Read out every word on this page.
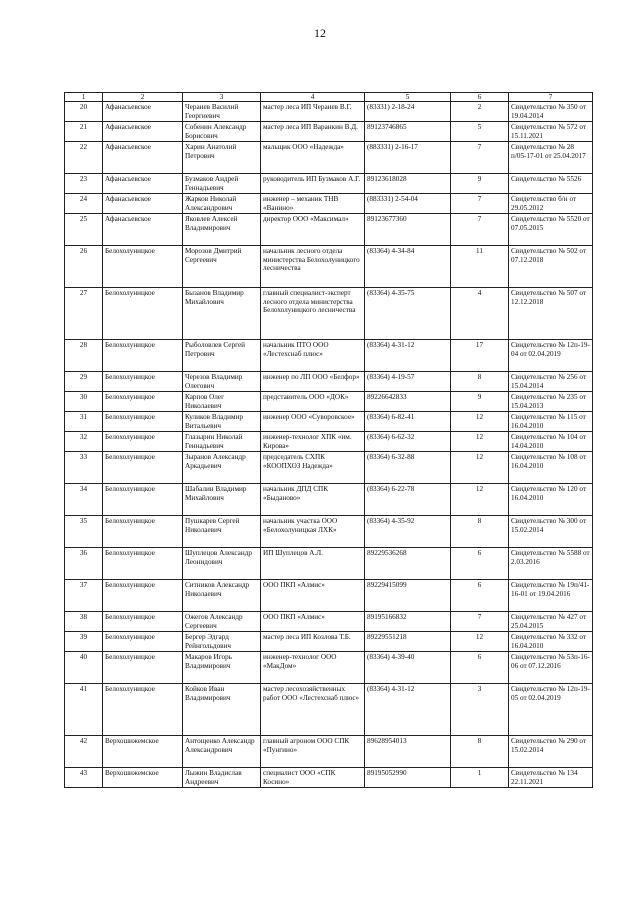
12
1	2	3	4	5	6	7
20	Афанасьевское	Черанев Василий Георгиевич	мастер леса ИП Черанев В.Г.	(83331) 2-18-24	2	Свидетельство № 350 от 19.04.2014
21	Афанасьевское	Собенин Александр Борисович	мастер леса ИП Варанкин В.Д.	89123746865	5	Свидетельство № 572 от 15.11.2021
22	Афанасьевское	Харин Анатолий Петрович	мальщик ООО «Надежда»	(883331) 2-16-17	7	Свидетельство № 28 п/05-17-01 от 25.04.2017
23	Афанасьевское	Бузмаков Андрей Геннадьевич	руководитель ИП Бузмаков А.Г.	89123618028	9	Свидетельство № 5526
24	Афанасьевское	Жарков Николай Александрович	инженер – механик ТНВ «Ванино»	(883331) 2-54-04	7	Свидетельство б/н от 29.05.2012
25	Афанасьевское	Яковлев Алексей Владимирович	директор ООО «Максимал»	89123677360	7	Свидетельство № 5520 от 07.05.2015
26	Белохолуницкое	Морозов Дмитрий Сергеевич	начальник лесного отдела министерства Белохолуницкого лесничества	(83364) 4-34-84	11	Свидетельство № 502 от 07.12.2018
27	Белохолуницкое	Бызанов Владимир Михайлович	главный специалист-эксперт лесного отдела министерства Белохолуницкого лесничества	(83364) 4-35-75	4	Свидетельство № 507 от 12.12.2018
28	Белохолуницкое	Рыболовлев Сергей Петрович	начальник ПТО ООО «Лестехснаб плюс»	(83364) 4-31-12	17	Свидетельство № 12п-19-04 от 02.04.2019
29	Белохолуницкое	Черезов Владимир Олегович	инженер по ЛП ООО «Белфор»	(83364) 4-19-57	8	Свидетельство № 256 от 15.04.2014
30	Белохолуницкое	Карпов Олег Николаевич	представитель ООО «ДОК»	89226642833	9	Свидетельство № 235 от 15.04.2013
31	Белохолуницкое	Куликов Владимир Витальевич	инженер ООО «Суворовское»	(83364) 6-82-41	12	Свидетельство № 115 от 16.04.2010
32	Белохолуницкое	Глазырин Николай Геннадьевич	инженер-технолог ХПК «им. Кирова»	(83364) 6-62-32	12	Свидетельство № 104 от 14.04.2010
33	Белохолуницкое	Зыранов Александр Аркадьевич	председатель СХПК «КООПХОЗ Надежда»	(83364) 6-32-88	12	Свидетельство № 108 от 16.04.2010
34	Белохолуницкое	Шабалин Владимир Михайлович	начальник ДПД СПК «Быданово»	(83364) 6-22-78	12	Свидетельство № 120 от 16.04.2010
35	Белохолуницкое	Пушкарев Сергей Николаевич	начальник участка ООО «Белохолуницкая ЛХК»	(83364) 4-35-92	8	Свидетельство № 300 от 15.02.2014
36	Белохолуницкое	Шуплецов Александр Леонидович	ИП Шуплецов А.Л.	89229536268	6	Свидетельство № 5588 от 2.03.2016
37	Белохолуницкое	Ситников Александр Николаевич	ООО ПКП «Алмис»	89229415099	6	Свидетельство № 19п/41-16-01 от 19.04.2016
38	Белохолуницкое	Ожегов Александр Сергеевич	ООО ПКП «Алмис»	89195166832	7	Свидетельство № 427 от 25.04.2015
39	Белохолуницкое	Бергер Эдгард Рейнгольдович	мастер леса ИП Козлова Т.Б.	89229551218	12	Свидетельство № 332 от 16.04.2010
40	Белохолуницкое	Макаров Игорь Владимирович	инженер-технолог ООО «МакДом»	(83364) 4-39-40	6	Свидетельство № 53п-16-06 от 07.12.2016
41	Белохолуницкое	Койков Иван Владимирович	мастер лесохозяйственных работ ООО «Лестехснаб плюс»	(83364) 4-31-12	3	Свидетельство № 12п-19-05 от 02.04.2019
42	Верхошижемское	Антощенко Александр Александрович	главный агроном ООО СПК «Пунгино»	89628954013	8	Свидетельство № 290 от 15.02.2014
43	Верхошижемское	Лыжин Владислав Андреевич	специалист ООО «СПК Косино»	89195052990	1	Свидетельство № 134 22.11.2021
